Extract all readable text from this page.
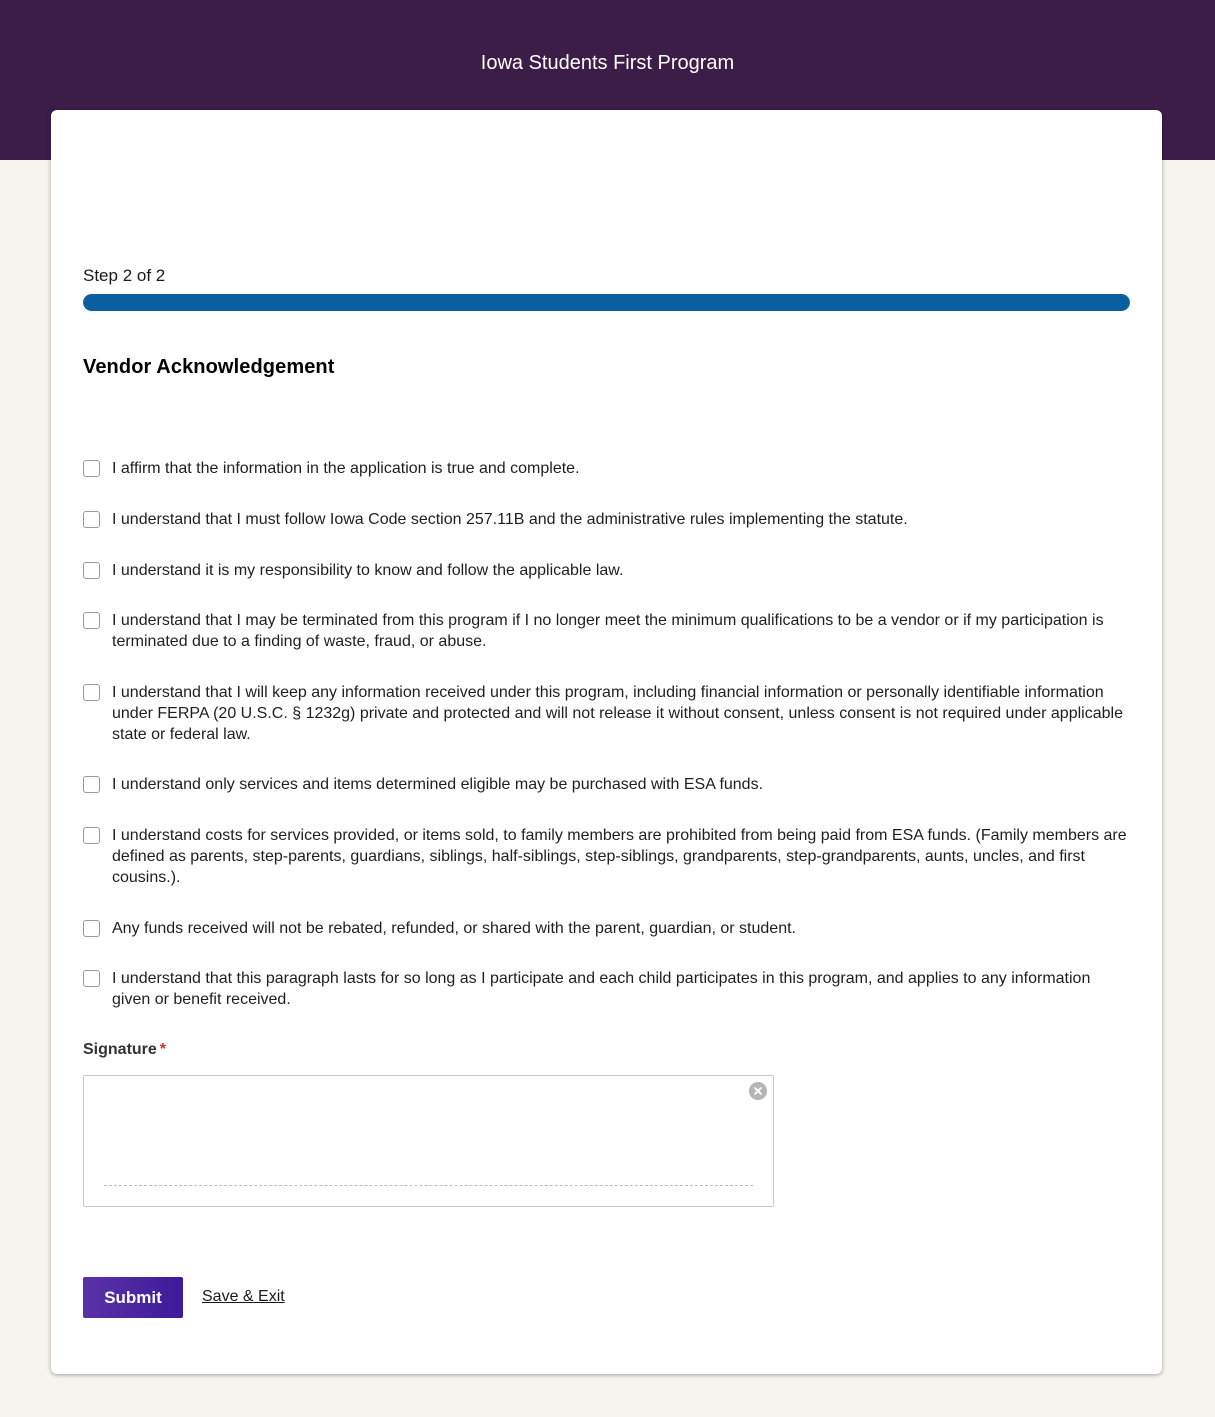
Iowa Students First Program
Step 2 of 2
Vendor Acknowledgement
I affirm that the information in the application is true and complete.
I understand that I must follow Iowa Code section 257.11B and the administrative rules implementing the statute.
I understand it is my responsibility to know and follow the applicable law.
I understand that I may be terminated from this program if I no longer meet the minimum qualifications to be a vendor or if my participation is terminated due to a finding of waste, fraud, or abuse.
I understand that I will keep any information received under this program, including financial information or personally identifiable information under FERPA (20 U.S.C. § 1232g) private and protected and will not release it without consent, unless consent is not required under applicable state or federal law.
I understand only services and items determined eligible may be purchased with ESA funds.
I understand costs for services provided, or items sold, to family members are prohibited from being paid from ESA funds. (Family members are defined as parents, step-parents, guardians, siblings, half-siblings, step-siblings, grandparents, step-grandparents, aunts, uncles, and first cousins.).
Any funds received will not be rebated, refunded, or shared with the parent, guardian, or student.
I understand that this paragraph lasts for so long as I participate and each child participates in this program, and applies to any information given or benefit received.
Signature *
Submit	Save & Exit
